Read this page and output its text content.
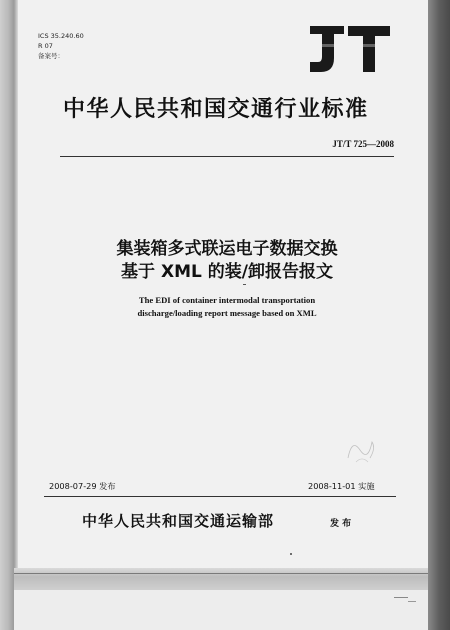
ICS 35.240.60
R 07
备案号：
中华人民共和国交通行业标准
JT/T 725—2008
集装箱多式联运电子数据交换
基于 XML 的装/卸报告报文
The EDI of container intermodal transportation
discharge/loading report message based on XML
2008-07-29 发布	2008-11-01 实施
中华人民共和国交通运输部	发 布
